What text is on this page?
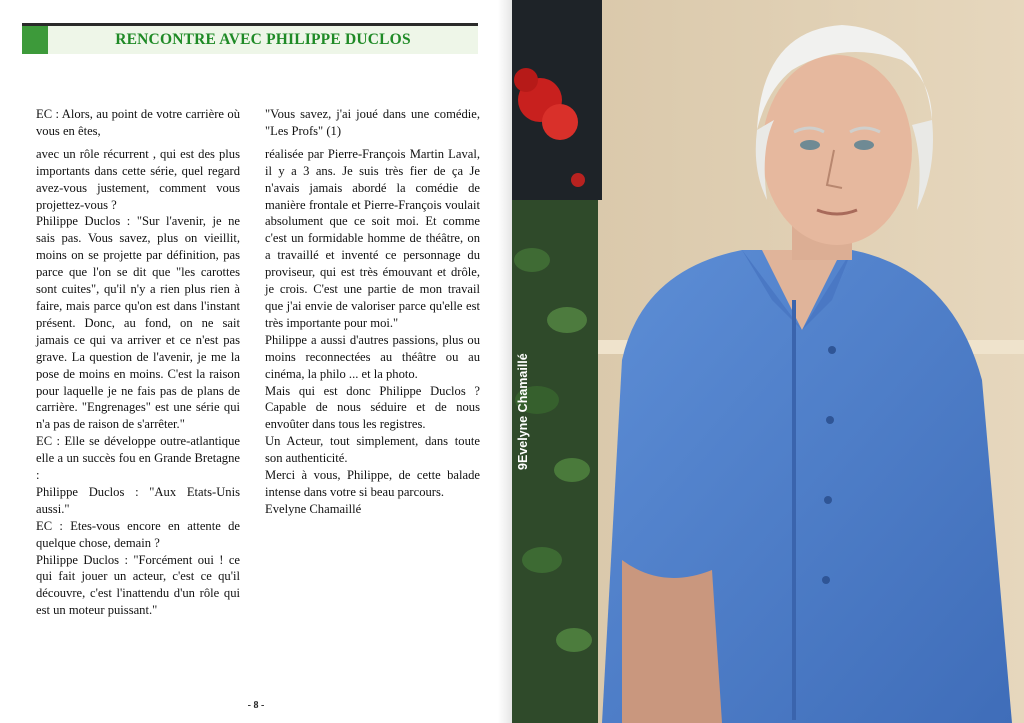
RENCONTRE AVEC PHILIPPE DUCLOS

EC : Alors, au point de votre carrière où vous en êtes,

avec un rôle récurrent , qui est des plus importants dans cette série, quel regard avez-vous justement, comment vous projettez-vous ?

Philippe Duclos : "Sur l'avenir, je ne sais pas. Vous savez, plus on vieillit, moins on se projette par définition, pas parce que l'on se dit que "les carottes sont cuites", qu'il n'y a rien plus rien à faire, mais parce qu'on est dans l'instant présent. Donc, au fond, on ne sait jamais ce qui va arriver et ce n'est pas grave. La question de l'avenir, je me la pose de moins en moins. C'est la raison pour laquelle je ne fais pas de plans de carrière. "Engrenages" est une série qui n'a pas de raison de s'arrêter."

EC : Elle se développe outre-atlantique elle a un succès fou en Grande Bretagne :

Philippe Duclos : "Aux Etats-Unis aussi."

EC : Etes-vous encore en attente de quelque chose, demain ?

Philippe Duclos : "Forcément oui ! ce qui fait jouer un acteur, c'est ce qu'il découvre, c'est l'inattendu d'un rôle qui est un moteur puissant."

"Vous savez, j'ai joué dans une comédie, "Les Profs" (1)

réalisée par Pierre-François Martin Laval, il y a 3 ans. Je suis très fier de ça Je n'avais jamais abordé la comédie de manière frontale et Pierre-François voulait absolument que ce soit moi. Et comme c'est un formidable homme de théâtre, on a travaillé et inventé ce personnage du proviseur, qui est très émouvant et drôle, je crois. C'est une partie de mon travail que j'ai envie de valoriser parce qu'elle est très importante pour moi."

Philippe a aussi d'autres passions, plus ou moins reconnectées au théâtre ou au cinéma, la philo ... et la photo.

Mais qui est donc Philippe Duclos ? Capable de nous séduire et de nous envoûter dans tous les registres.

Un Acteur, tout simplement, dans toute son authenticité.

Merci à vous, Philippe, de cette balade intense dans votre si beau parcours.

Evelyne Chamaillé

- 8 -
9Evelyne Chamaillé
